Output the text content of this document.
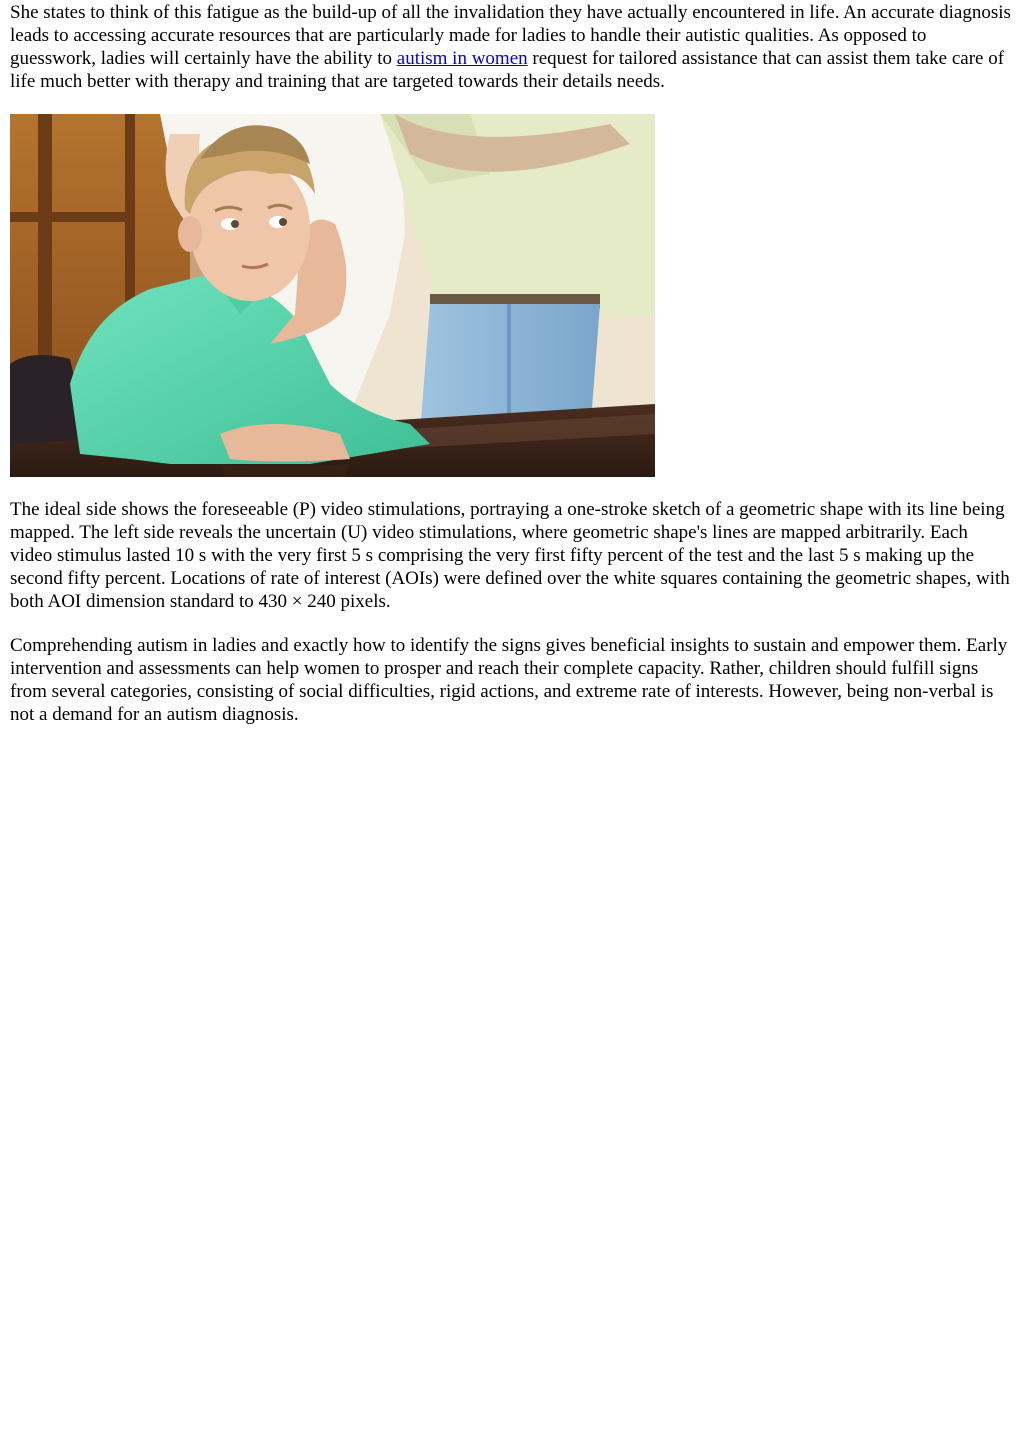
She states to think of this fatigue as the build-up of all the invalidation they have actually encountered in life. An accurate diagnosis leads to accessing accurate resources that are particularly made for ladies to handle their autistic qualities. As opposed to guesswork, ladies will certainly have the ability to autism in women request for tailored assistance that can assist them take care of life much better with therapy and training that are targeted towards their details needs.

The ideal side shows the foreseeable (P) video stimulations, portraying a one-stroke sketch of a geometric shape with its line being mapped. The left side reveals the uncertain (U) video stimulations, where geometric shape's lines are mapped arbitrarily. Each video stimulus lasted 10 s with the very first 5 s comprising the very first fifty percent of the test and the last 5 s making up the second fifty percent. Locations of rate of interest (AOIs) were defined over the white squares containing the geometric shapes, with both AOI dimension standard to 430 × 240 pixels.

Comprehending autism in ladies and exactly how to identify the signs gives beneficial insights to sustain and empower them. Early intervention and assessments can help women to prosper and reach their complete capacity. Rather, children should fulfill signs from several categories, consisting of social difficulties, rigid actions, and extreme rate of interests. However, being non-verbal is not a demand for an autism diagnosis.
